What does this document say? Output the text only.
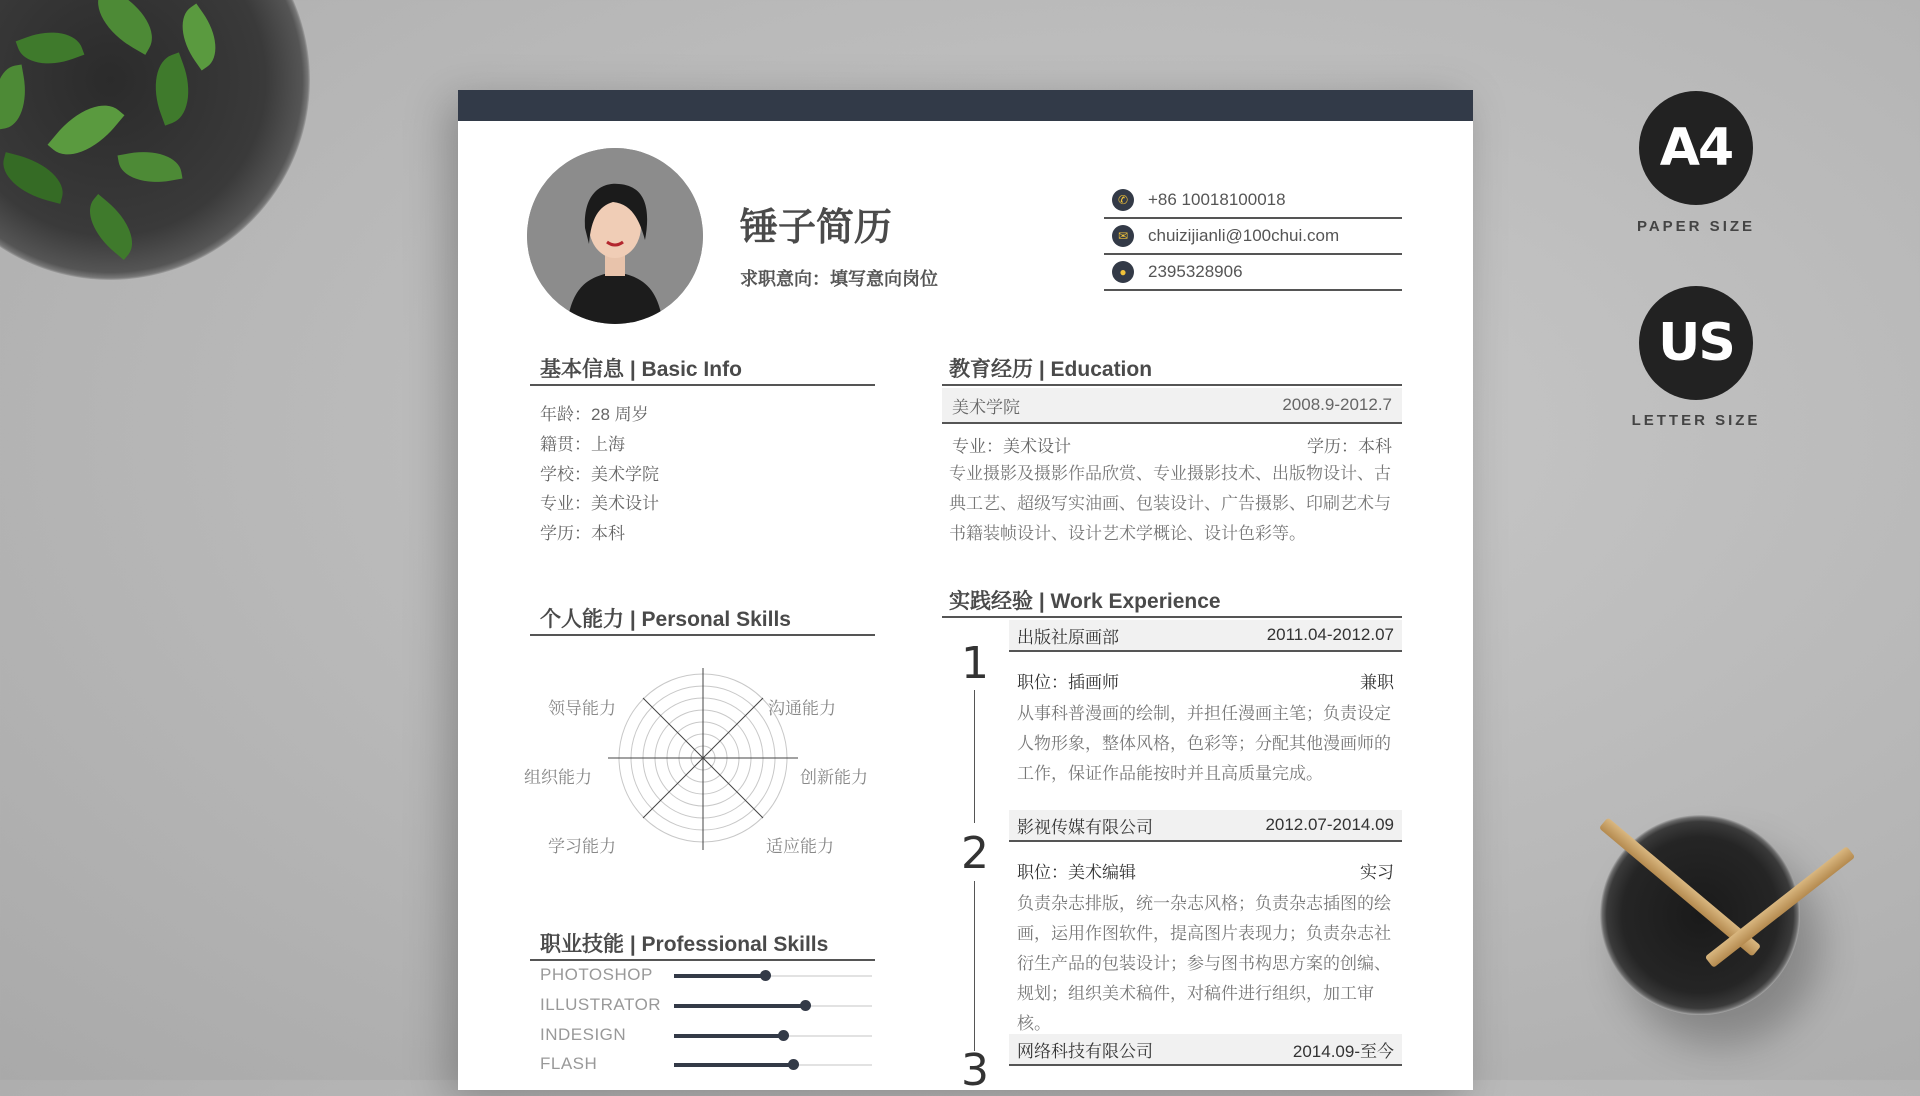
A4
PAPER SIZE
US
LETTER SIZE
锤子简历
求职意向：填写意向岗位
✆	+86 10018100018
✉	chuizijianli@100chui.com
●	2395328906
基本信息 | Basic Info
年龄：28 周岁
籍贯：上海
学校：美术学院
专业：美术设计
学历：本科
个人能力 | Personal Skills
领导能力	沟通能力
组织能力	创新能力
学习能力	适应能力
职业技能 | Professional Skills
PHOTOSHOP
ILLUSTRATOR
INDESIGN
FLASH
教育经历 | Education
美术学院	2008.9-2012.7
专业：美术设计	学历：本科
专业摄影及摄影作品欣赏、专业摄影技术、出版物设计、古
典工艺、超级写实油画、包装设计、广告摄影、印刷艺术与
书籍装帧设计、设计艺术学概论、设计色彩等。
实践经验 | Work Experience
1
出版社原画部	2011.04-2012.07
职位：插画师	兼职
从事科普漫画的绘制，并担任漫画主笔；负责设定
人物形象，整体风格，色彩等；分配其他漫画师的
工作，保证作品能按时并且高质量完成。
2
影视传媒有限公司	2012.07-2014.09
职位：美术编辑	实习
负责杂志排版，统一杂志风格；负责杂志插图的绘
画，运用作图软件，提高图片表现力；负责杂志社
衍生产品的包装设计；参与图书构思方案的创编、
规划；组织美术稿件，对稿件进行组织，加工审核。
3 网络科技有限公司	2014.09-至今
